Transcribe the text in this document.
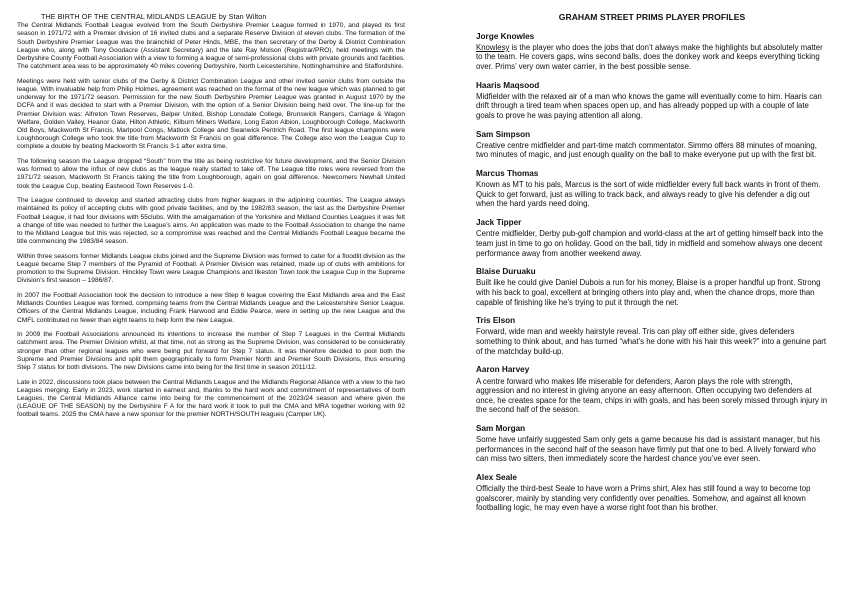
THE BIRTH OF THE CENTRAL MIDLANDS LEAGUE by Stan Wilton

The Central Midlands Football League evolved from the South Derbyshire Premier League formed in 1970, and played its first season in 1971/72 with a Premier division of 16 invited clubs and a separate Reserve Division of eleven clubs. The formation of the South Derbyshire Premier League was the brainchild of Peter Hinds, MBE, the then secretary of the Derby & District Combination League who, along with Tony Goodacre (Assistant Secretary) and the late Ray Molson (Registrar/PRO), held meetings with the Derbyshire County Football Association with a view to forming a league of semi-professional clubs with private grounds and facilities. The catchment area was to be approximately 40 miles covering Derbyshire, North Leicestershire, Nottinghamshire and Staffordshire.

Meetings were held with senior clubs of the Derby & District Combination League and other invited senior clubs from outside the league. With invaluable help from Philip Holmes, agreement was reached on the format of the new league which was planned to get underway for the 1971/72 season. Permission for the new South Derbyshire Premier League was granted in August 1970 by the DCFA and it was decided to start with a Premier Division, with the option of a Senior Division being held over. The line-up for the Premier Division was: Alfreton Town Reserves, Belper United, Bishop Lonsdale College, Brunswick Rangers, Carriage & Wagon Welfare, Golden Valley, Heanor Gate, Hilton Athletic, Kilburn Miners Welfare, Long Eaton Albion, Loughborough College, Mackworth Old Boys, Mackworth St Francis, Marlpool Congs, Matlock College and Swanwick Pentrich Road. The first league champions were Loughborough College who took the title from Mackworth St Francis on goal difference. The College also won the League Cup to complete a double by beating Mackworth St Francis 3-1 after extra time.

The following season the League dropped “South” from the title as being restrictive for future development, and the Senior Division was formed to allow the influx of new clubs as the league really started to take off. The League title roles were reversed from the 1971/72 season, Mackworth St Francis taking the title from Loughborough, again on goal difference. Newcomers Newhall United took the League Cup, beating Eastwood Town Reserves 1-0.

The League continued to develop and started attracting clubs from higher leagues in the adjoining counties. The League always maintained its policy of accepting clubs with good private facilities, and by the 1982/83 season, the last as the Derbyshire Premier Football League, it had four divisions with 55clubs. With the amalgamation of the Yorkshire and Midland Counties Leagues it was felt a change of title was needed to further the League’s aims. An application was made to the Football Association to change the name to the Midland League but this was rejected, so a compromise was reached and the Central Midlands Football League became the title commencing the 1983/84 season.

Within three seasons former Midlands League clubs joined and the Supreme Division was formed to cater for a floodlit division as the League became Step 7 members of the Pyramid of Football. A Premier Division was retained, made up of clubs with ambitions for promotion to the Supreme Division. Hinckley Town were League Champions and Ilkeston Town took the League Cup in the Supreme Division’s first season – 1986/87.

In 2007 the Football Association took the decision to introduce a new Step 6 league covering the East Midlands area and the East Midlands Counties League was formed, comprising teams from the Central Midlands League and the Leicestershire Senior League. Officers of the Central Midlands League, including Frank Harwood and Eddie Pearce, were in setting up the new League and the CMFL contributed no fewer than eight teams to help form the new League.

In 2009 the Football Associations announced its intentions to increase the number of Step 7 Leagues in the Central Midlands catchment area. The Premier Division whilst, at that time, not as strong as the Supreme Division, was considered to be considerably stronger than other regional leagues who were being put forward for Step 7 status. It was therefore decided to pool both the Supreme and Premier Divisions and split them geographically to form Premier North and Premier South Divisions, thus ensuring Step 7 status for both divisions. The new Divisions came into being for the first time in season 2011/12.

Late in 2022, discussions took place between the Central Midlands League and the Midlands Regional Alliance with a view to the two Leagues merging. Early in 2023, work started in earnest and, thanks to the hard work and commitment of representatives of both Leagues, the Central Midlands Alliance came into being for the commencement of the 2023/24 season and where given the (LEAGUE OF THE SEASON) by the Derbyshire F A for the hard work it took to pull the CMA and MRA together working with 92 football teams. 2025 the CMA have a new sponsor for the premier NORTH/SOUTH leagues (Camper UK).

GRAHAM STREET PRIMS PLAYER PROFILES
Jorge Knowles

Knowlesy is the player who does the jobs that don’t always make the highlights but absolutely matter to the team. He covers gaps, wins second balls, does the donkey work and keeps everything ticking over. Prims’ very own water carrier, in the best possible sense.

Haaris Maqsood

Midfielder with the relaxed air of a man who knows the game will eventually come to him. Haaris can drift through a tired team when spaces open up, and has already popped up with a couple of late goals to prove he was paying attention all along.

Sam Simpson

Creative centre midfielder and part-time match commentator. Simmo offers 88 minutes of moaning, two minutes of magic, and just enough quality on the ball to make everyone put up with the first bit.

Marcus Thomas

Known as MT to his pals, Marcus is the sort of wide midfielder every full back wants in front of them. Quick to get forward, just as willing to track back, and always ready to give his defender a dig out when the hard yards need doing.

Jack Tipper

Centre midfielder, Derby pub-golf champion and world-class at the art of getting himself back into the team just in time to go on holiday. Good on the ball, tidy in midfield and somehow always one decent performance away from another weekend away.

Blaise Duruaku

Built like he could give Daniel Dubois a run for his money, Blaise is a proper handful up front. Strong with his back to goal, excellent at bringing others into play and, when the chance drops, more than capable of finishing like he’s trying to put it through the net.

Tris Elson

Forward, wide man and weekly hairstyle reveal. Tris can play off either side, gives defenders something to think about, and has turned “what’s he done with his hair this week?” into a genuine part of the matchday build-up.

Aaron Harvey

A centre forward who makes life miserable for defenders, Aaron plays the role with strength, aggression and no interest in giving anyone an easy afternoon. Often occupying two defenders at once, he creates space for the team, chips in with goals, and has been sorely missed through injury in the second half of the season.

Sam Morgan

Some have unfairly suggested Sam only gets a game because his dad is assistant manager, but his performances in the second half of the season have firmly put that one to bed. A lively forward who can miss two sitters, then immediately score the hardest chance you’ve ever seen.

Alex Seale

Officially the third-best Seale to have worn a Prims shirt, Alex has still found a way to become top goalscorer, mainly by standing very confidently over penalties. Somehow, and against all known footballing logic, he may even have a worse right foot than his brother.
